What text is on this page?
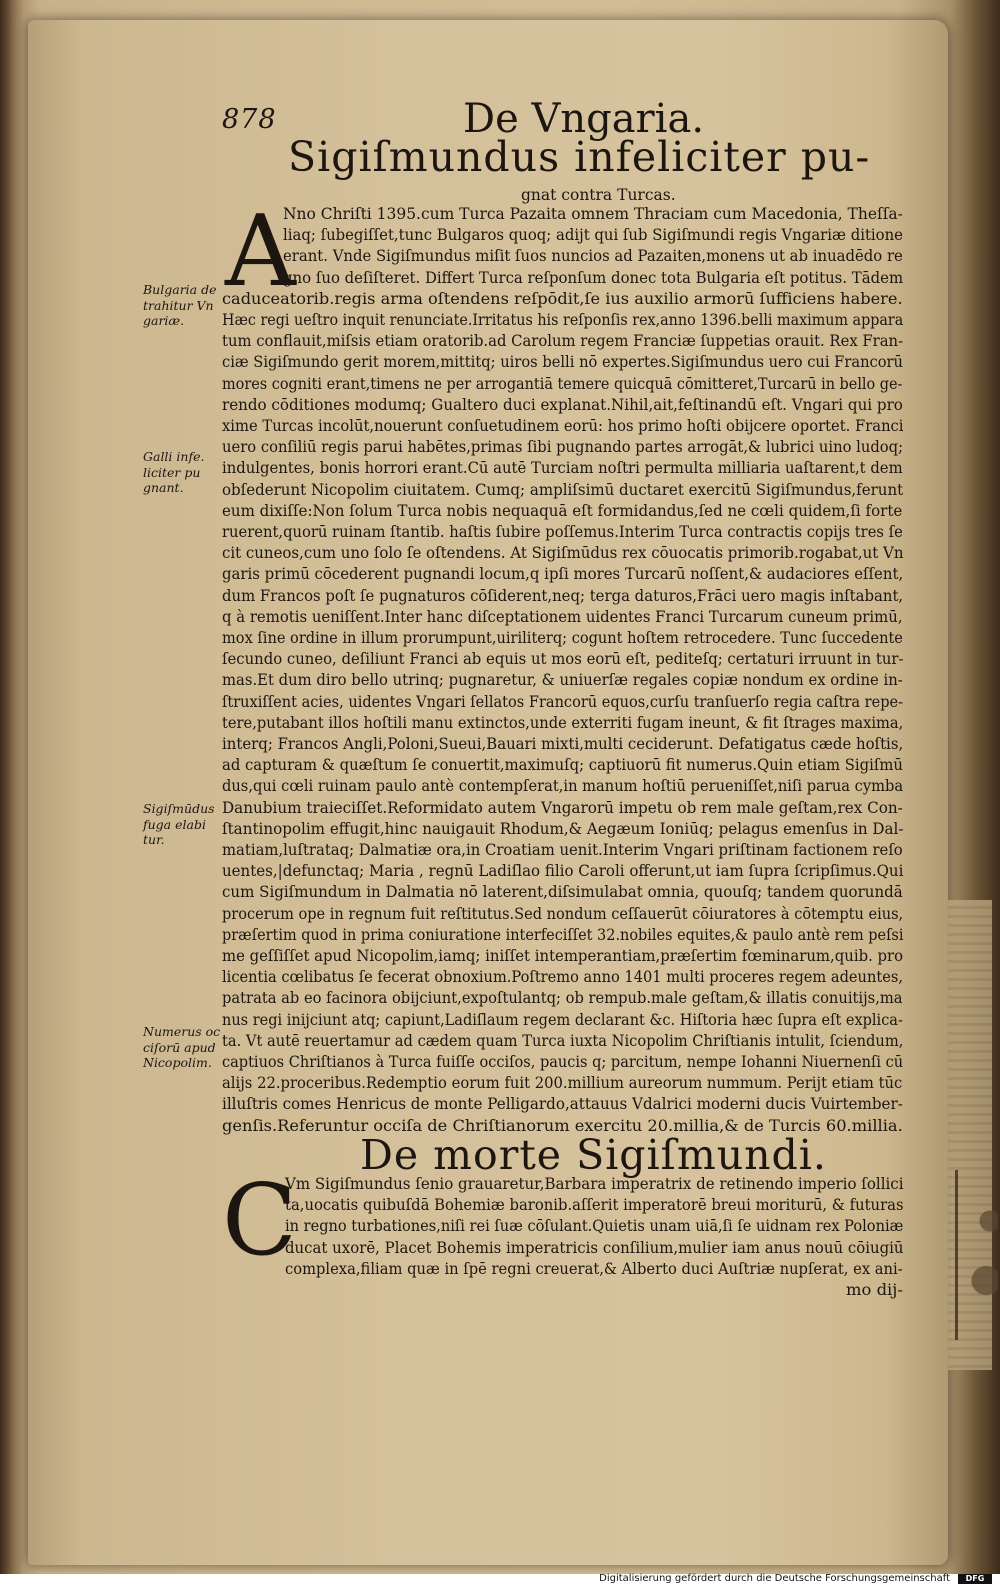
878	De Vngaria.
Sigiſmundus infeliciter pu-
gnat contra Turcas.
A
De morte Sigiſmundi.
C
Bulgaria de trahitur Vn gariæ.
Galli infe. liciter pu gnant.
Sigiſmūdus fuga elabi tur.
Numerus oc ciſorū apud Nicopolim.
Digitalisierung gefördert durch die Deutsche Forschungsgemeinschaft	DFG
Nno Chriſti 1395.cum Turca Pazaita omnem Thraciam cum Macedonia, Theſſa-
liaq; ſubegiſſet,tunc Bulgaros quoq; adijt qui ſub Sigiſmundi regis Vngariæ ditione
erant. Vnde Sigiſmundus miſit ſuos nuncios ad Pazaiten,monens ut ab inuadēdo re
gno ſuo deſiſteret. Differt Turca reſponſum donec tota Bulgaria eſt potitus. Tādem
caduceatorib.regis arma oſtendens reſpōdit,ſe ius auxilio armorū ſufficiens habere.
Hæc regi ueſtro inquit renunciate.Irritatus his reſponſis rex,anno 1396.belli maximum appara
tum conflauit,miſsis etiam oratorib.ad Carolum regem Franciæ ſuppetias orauit. Rex Fran-
ciæ Sigiſmundo gerit morem,mittitq; uiros belli nō expertes.Sigiſmundus uero cui Francorū
mores cogniti erant,timens ne per arrogantiā temere quicquā cōmitteret,Turcarū in bello ge-
rendo cōditiones modumq; Gualtero duci explanat.Nihil,ait,feſtinandū eſt. Vngari qui pro
xime Turcas incolūt,nouerunt conſuetudinem eorū: hos primo hoſti obijcere oportet. Franci
uero conſiliū regis parui habētes,primas ſibi pugnando partes arrogāt,& lubrici uino ludoq;
indulgentes, bonis horrori erant.Cū autē Turciam noſtri permulta milliaria uaſtarent,t dem
obſederunt Nicopolim ciuitatem. Cumq; ampliſsimū ductaret exercitū Sigiſmundus,ferunt
eum dixiſſe:Non ſolum Turca nobis nequaquā eſt formidandus,ſed ne cœli quidem,ſi forte
ruerent,quorū ruinam ſtantib. haſtis ſubire poſſemus.Interim Turca contractis copijs tres ſe
cit cuneos,cum uno ſolo ſe oſtendens. At Sigiſmūdus rex cōuocatis primorib.rogabat,ut Vn
garis primū cōcederent pugnandi locum,q ipſi mores Turcarū noſſent,& audaciores eſſent,
dum Francos poſt ſe pugnaturos cōſiderent,neq; terga daturos,Frāci uero magis inſtabant,
q à remotis ueniſſent.Inter hanc diſceptationem uidentes Franci Turcarum cuneum primū,
mox ſine ordine in illum prorumpunt,uiriliterq; cogunt hoſtem retrocedere. Tunc ſuccedente
ſecundo cuneo, deſiliunt Franci ab equis ut mos eorū eſt, pediteſq; certaturi irruunt in tur-
mas.Et dum diro bello utrinq; pugnaretur, & uniuerſæ regales copiæ nondum ex ordine in-
ſtruxiſſent acies, uidentes Vngari ſellatos Francorū equos,curſu tranſuerſo regia caſtra repe-
tere,putabant illos hoſtili manu extinctos,unde exterriti fugam ineunt, & fit ſtrages maxima,
interq; Francos Angli,Poloni,Sueui,Bauari mixti,multi ceciderunt. Defatigatus cæde hoſtis,
ad capturam & quæſtum ſe conuertit,maximuſq; captiuorū fit numerus.Quin etiam Sigiſmū
dus,qui cœli ruinam paulo antè contempſerat,in manum hoſtiū perueniſſet,niſi parua cymba
Danubium traieciſſet.Reformidato autem Vngarorū impetu ob rem male geſtam,rex Con-
ſtantinopolim effugit,hinc nauigauit Rhodum,& Aegæum Ioniūq; pelagus emenſus in Dal-
matiam,luſtrataq; Dalmatiæ ora,in Croatiam uenit.Interim Vngari priſtinam factionem reſo
uentes,|defunctaq; Maria , regnū Ladiſlao filio Caroli offerunt,ut iam ſupra ſcripſimus.Qui
cum Sigiſmundum in Dalmatia nō laterent,diſsimulabat omnia, quouſq; tandem quorundā
procerum ope in regnum fuit reſtitutus.Sed nondum ceſſauerūt cōiuratores à cōtemptu eius,
præſertim quod in prima coniuratione interfeciſſet 32.nobiles equites,& paulo antè rem peſsi
me geſſiſſet apud Nicopolim,iamq; iniſſet intemperantiam,præſertim fœminarum,quib. pro
licentia cœlibatus ſe fecerat obnoxium.Poſtremo anno 1401 multi proceres regem adeuntes,
patrata ab eo facinora obijciunt,expoſtulantq; ob rempub.male geſtam,& illatis conuitijs,ma
nus regi inijciunt atq; capiunt,Ladiſlaum regem declarant &c. Hiſtoria hæc ſupra eſt explica-
ta. Vt autē reuertamur ad cædem quam Turca iuxta Nicopolim Chriſtianis intulit, ſciendum,
captiuos Chriſtianos à Turca fuiſſe occiſos, paucis q; parcitum, nempe Iohanni Niuernenſi cū
alijs 22.proceribus.Redemptio eorum fuit 200.millium aureorum nummum. Perijt etiam tūc
illuſtris comes Henricus de monte Pelligardo,attauus Vdalrici moderni ducis Vuirtember-
genſis.Referuntur occiſa de Chriſtianorum exercitu 20.millia,& de Turcis 60.millia.
Vm Sigiſmundus ſenio grauaretur,Barbara imperatrix de retinendo imperio ſollici
ta,uocatis quibuſdā Bohemiæ baronib.aſſerit imperatorē breui moriturū, & futuras
in regno turbationes,niſi rei ſuæ cōſulant.Quietis unam uiā,ſi ſe uidnam rex Poloniæ
ducat uxorē, Placet Bohemis imperatricis conſilium,mulier iam anus nouū cōiugiū
complexa,filiam quæ in ſpē regni creuerat,& Alberto duci Auſtriæ nupſerat, ex ani-
mo dij-
